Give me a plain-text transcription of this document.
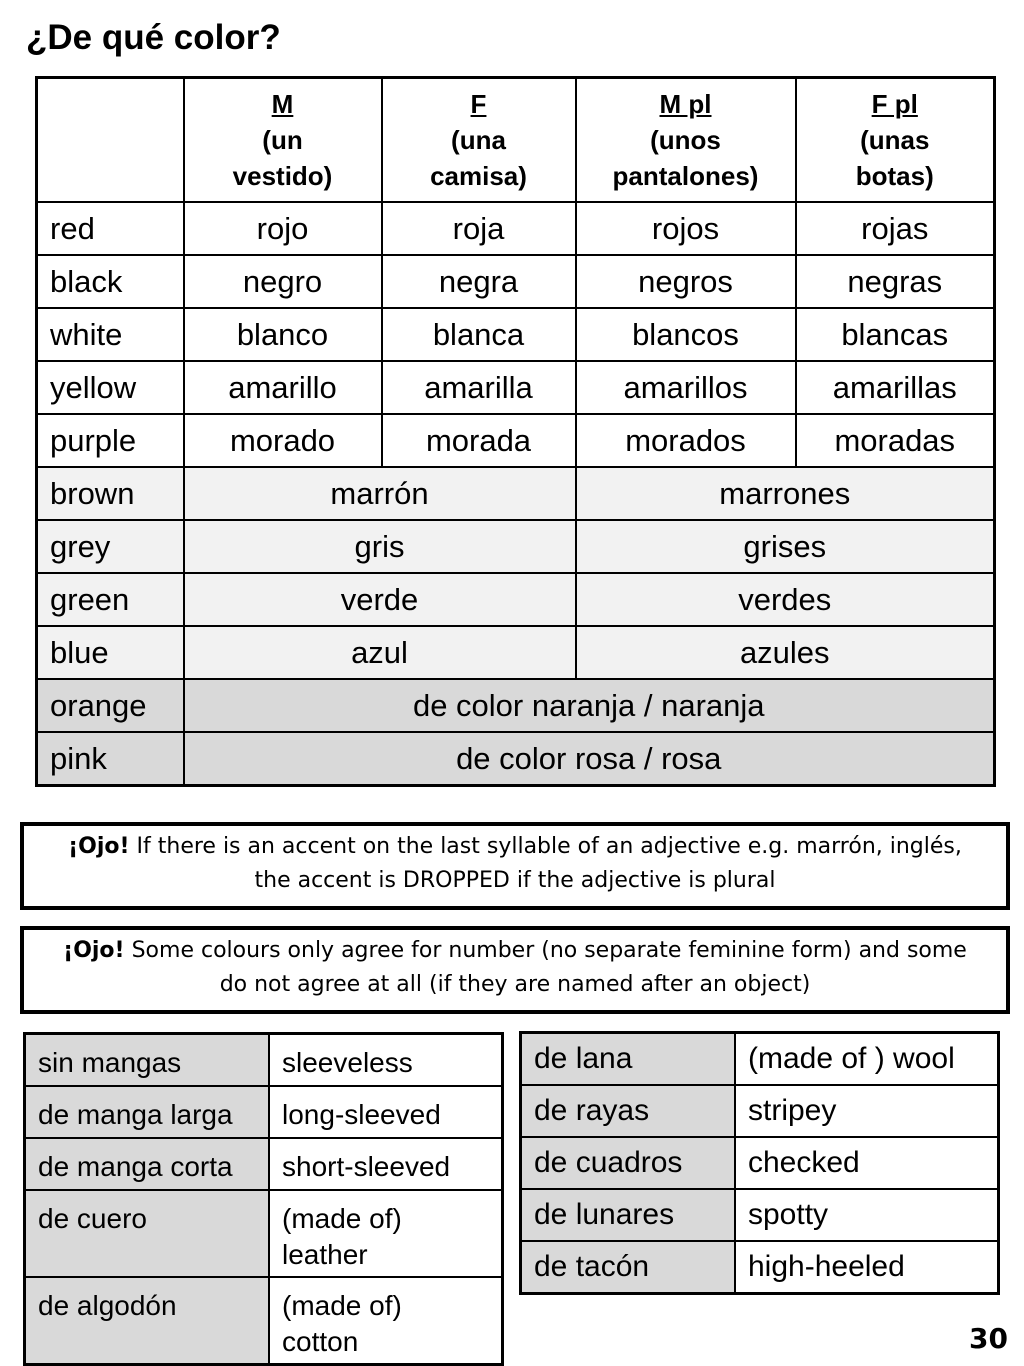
¿De qué color?
	M
(un
vestido)	F
(una
camisa)	M pl
(unos
pantalones)	F pl
(unas
botas)
red	rojo	roja	rojos	rojas
black	negro	negra	negros	negras
white	blanco	blanca	blancos	blancas
yellow	amarillo	amarilla	amarillos	amarillas
purple	morado	morada	morados	moradas
brown	marrón		marrones	
grey	gris		grises	
green	verde		verdes	
blue	azul		azules	
orange	de color naranja / naranja			
pink	de color rosa / rosa			
¡Ojo! If there is an accent on the last syllable of an adjective e.g. marrón, inglés,
the accent is DROPPED if the adjective is plural
¡Ojo! Some colours only agree for number (no separate feminine form) and some
do not agree at all (if they are named after an object)
sin mangas	sleeveless
de manga larga	long-sleeved
de manga corta	short-sleeved
de cuero	(made of)
leather
de algodón	(made of)
cotton
de lana	(made of ) wool
de rayas	stripey
de cuadros	checked
de lunares	spotty
de tacón	high-heeled
30
